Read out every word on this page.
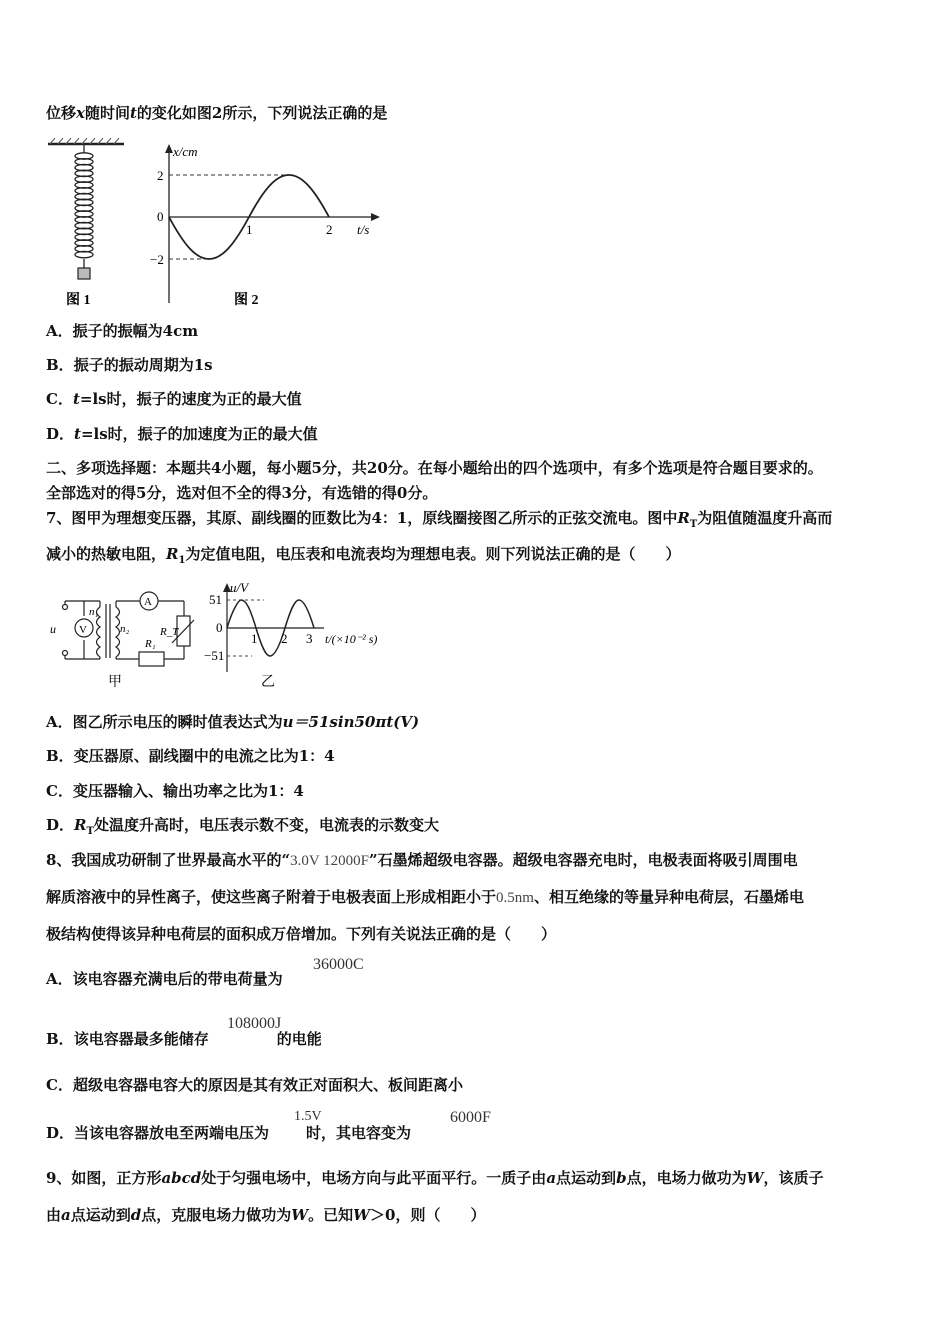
位移x随时间t的变化如图2所示，下列说法正确的是
图 1
x/cm
2
0
−2
1	2 t/s
图 2
A．振子的振幅为4cm
B．振子的振动周期为1s
C．t=ls时，振子的速度为正的最大值
D．t=ls时，振子的加速度为正的最大值
二、多项选择题：本题共4小题，每小题5分，共20分。在每小题给出的四个选项中，有多个选项是符合题目要求的。
全部选对的得5分，选对但不全的得3分，有选错的得0分。
7、图甲为理想变压器，其原、副线圈的匝数比为4：1，原线圈接图乙所示的正弦交流电。图中$R_T$为阻值随温度升高而
减小的热敏电阻，$R_1$为定值电阻，电压表和电流表均为理想电表。则下列说法正确的是（　　）
u V
n₁
n₂
A
R₁
R_T
甲
u/V
51
0
−51
1 2 3 t/(×10⁻² s)
乙
A．图乙所示电压的瞬时值表达式为u＝51sin50πt(V)
B．变压器原、副线圈中的电流之比为1：4
C．变压器输入、输出功率之比为1：4
D．$R_T$处温度升高时，电压表示数不变，电流表的示数变大
8、我国成功研制了世界最高水平的“3.0V 12000F”石墨烯超级电容器。超级电容器充电时，电极表面将吸引周围电
解质溶液中的异性离子，使这些离子附着于电极表面上形成相距小于0.5nm、相互绝缘的等量异种电荷层，石墨烯电
极结构使得该异种电荷层的面积成万倍增加。下列有关说法正确的是（　　）
A．该电容器充满电后的带电荷量为
36000C
B．该电容器最多能储存	的电能
108000J
C．超级电容器电容大的原因是其有效正对面积大、板间距离小
D．当该电容器放电至两端电压为 时，其电容变为
1.5V	6000F
9、如图，正方形abcd处于匀强电场中，电场方向与此平面平行。一质子由a点运动到b点，电场力做功为W，该质子
由a点运动到d点，克服电场力做功为W。已知W＞0，则（　　）
